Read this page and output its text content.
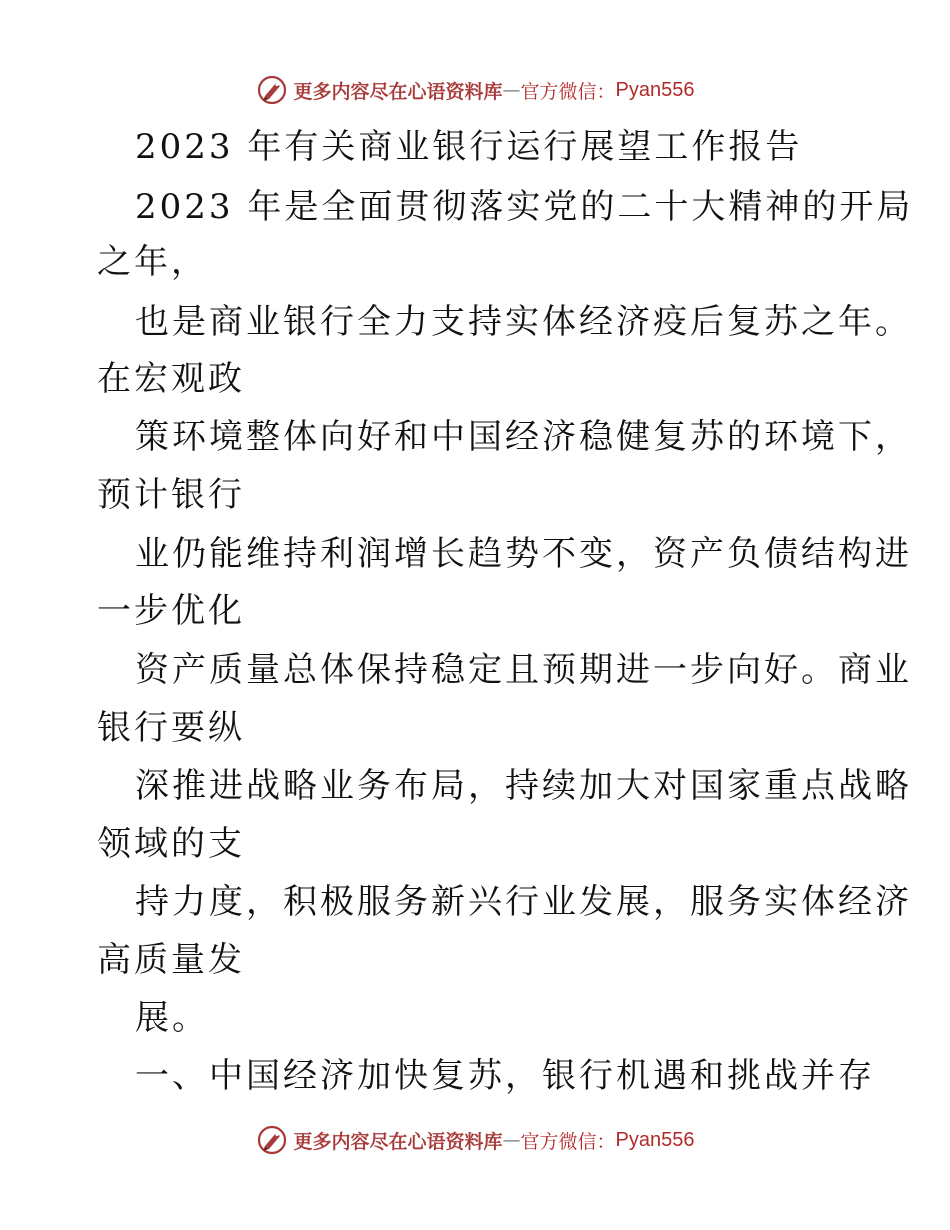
更多内容尽在心语资料库 — 官方微信： Pyan556
2023 年有关商业银行运行展望工作报告
2023 年是全面贯彻落实党的二十大精神的开局
之年，
也是商业银行全力支持实体经济疫后复苏之年。
在宏观政
策环境整体向好和中国经济稳健复苏的环境下，
预计银行
业仍能维持利润增长趋势不变，资产负债结构进
一步优化
资产质量总体保持稳定且预期进一步向好。商业
银行要纵
深推进战略业务布局，持续加大对国家重点战略
领域的支
持力度，积极服务新兴行业发展，服务实体经济
高质量发
展。
一、中国经济加快复苏，银行机遇和挑战并存
更多内容尽在心语资料库 — 官方微信： Pyan556
